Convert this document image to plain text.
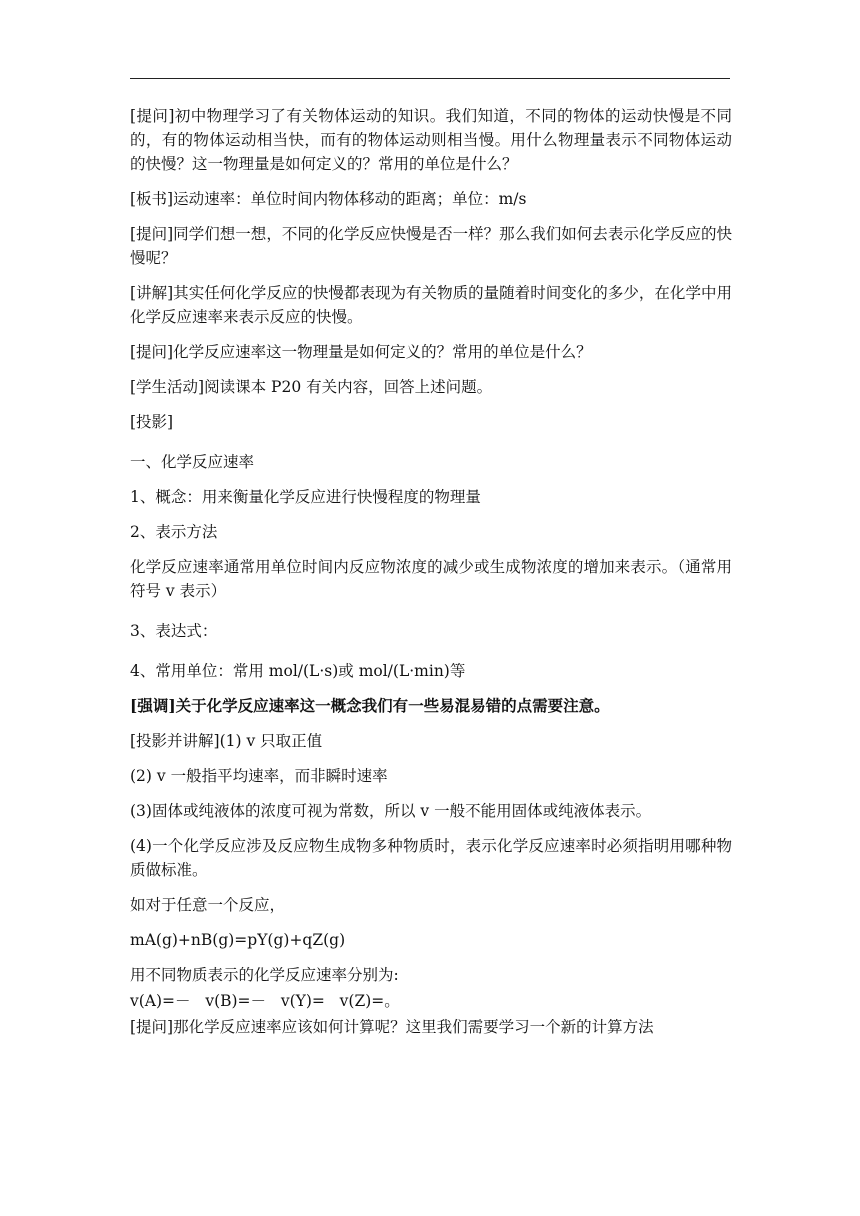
[提问]初中物理学习了有关物体运动的知识。我们知道，不同的物体的运动快慢是不同的，有的物体运动相当快，而有的物体运动则相当慢。用什么物理量表示不同物体运动的快慢？这一物理量是如何定义的？常用的单位是什么？

[板书]运动速率：单位时间内物体移动的距离；单位：m/s

[提问]同学们想一想，不同的化学反应快慢是否一样？那么我们如何去表示化学反应的快慢呢？

[讲解]其实任何化学反应的快慢都表现为有关物质的量随着时间变化的多少，在化学中用化学反应速率来表示反应的快慢。

[提问]化学反应速率这一物理量是如何定义的？常用的单位是什么？

[学生活动]阅读课本 P20 有关内容，回答上述问题。

[投影]

一、化学反应速率

1、概念：用来衡量化学反应进行快慢程度的物理量

2、表示方法

化学反应速率通常用单位时间内反应物浓度的减少或生成物浓度的增加来表示。（通常用符号 v 表示）

3、表达式：

4、常用单位：常用 mol/(L·s)或 mol/(L·min)等

[强调]关于化学反应速率这一概念我们有一些易混易错的点需要注意。

[投影并讲解](1) v 只取正值

(2) v 一般指平均速率，而非瞬时速率

(3)固体或纯液体的浓度可视为常数，所以 v 一般不能用固体或纯液体表示。

(4)一个化学反应涉及反应物生成物多种物质时，表示化学反应速率时必须指明用哪种物质做标准。

如对于任意一个反应，

mA(g)+nB(g)=pY(g)+qZ(g)

用不同物质表示的化学反应速率分别为:

v(A)=－   v(B)=－   v(Y)=   v(Z)=。

[提问]那化学反应速率应该如何计算呢？这里我们需要学习一个新的计算方法
